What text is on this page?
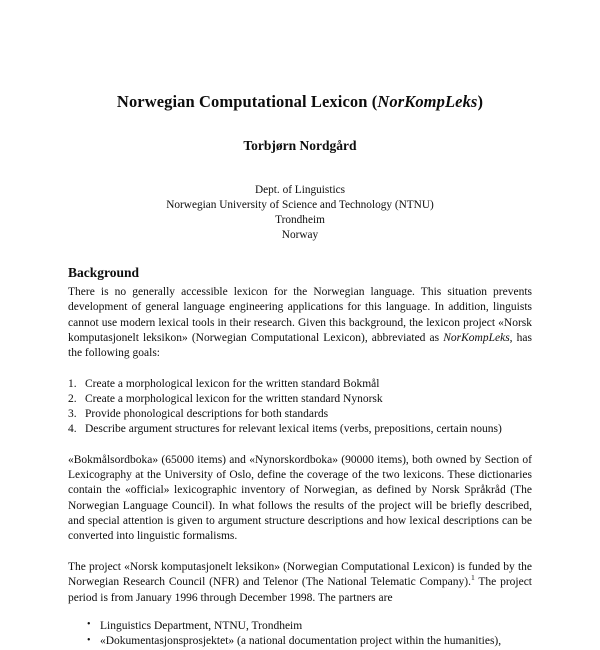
Norwegian Computational Lexicon (NorKompLeks)

Torbjørn Nordgård

Dept. of Linguistics
Norwegian University of Science and Technology (NTNU)
Trondheim
Norway
Background

There is no generally accessible lexicon for the Norwegian language. This situation prevents development of general language engineering applications for this language. In addition, linguists cannot use modern lexical tools in their research. Given this background, the lexicon project «Norsk komputasjonelt leksikon» (Norwegian Computational Lexicon), abbreviated as NorKompLeks, has the following goals:

Create a morphological lexicon for the written standard Bokmål
Create a morphological lexicon for the written standard Nynorsk
Provide phonological descriptions for both standards
Describe argument structures for relevant lexical items (verbs, prepositions, certain nouns)

«Bokmålsordboka» (65000 items) and «Nynorskordboka» (90000 items), both owned by Section of Lexicography at the University of Oslo, define the coverage of the two lexicons. These dictionaries contain the «official» lexicographic inventory of Norwegian, as defined by Norsk Språkråd (The Norwegian Language Council). In what follows the results of the project will be briefly described, and special attention is given to argument structure descriptions and how lexical descriptions can be converted into linguistic formalisms.

The project «Norsk komputasjonelt leksikon» (Norwegian Computational Lexicon) is funded by the Norwegian Research Council (NFR) and Telenor (The National Telematic Company).$^1$ The project period is from January 1996 through December 1998. The partners are

• Linguistics Department, NTNU, Trondheim
• «Dokumentasjonsprosjektet» (a national documentation project within the humanities),
